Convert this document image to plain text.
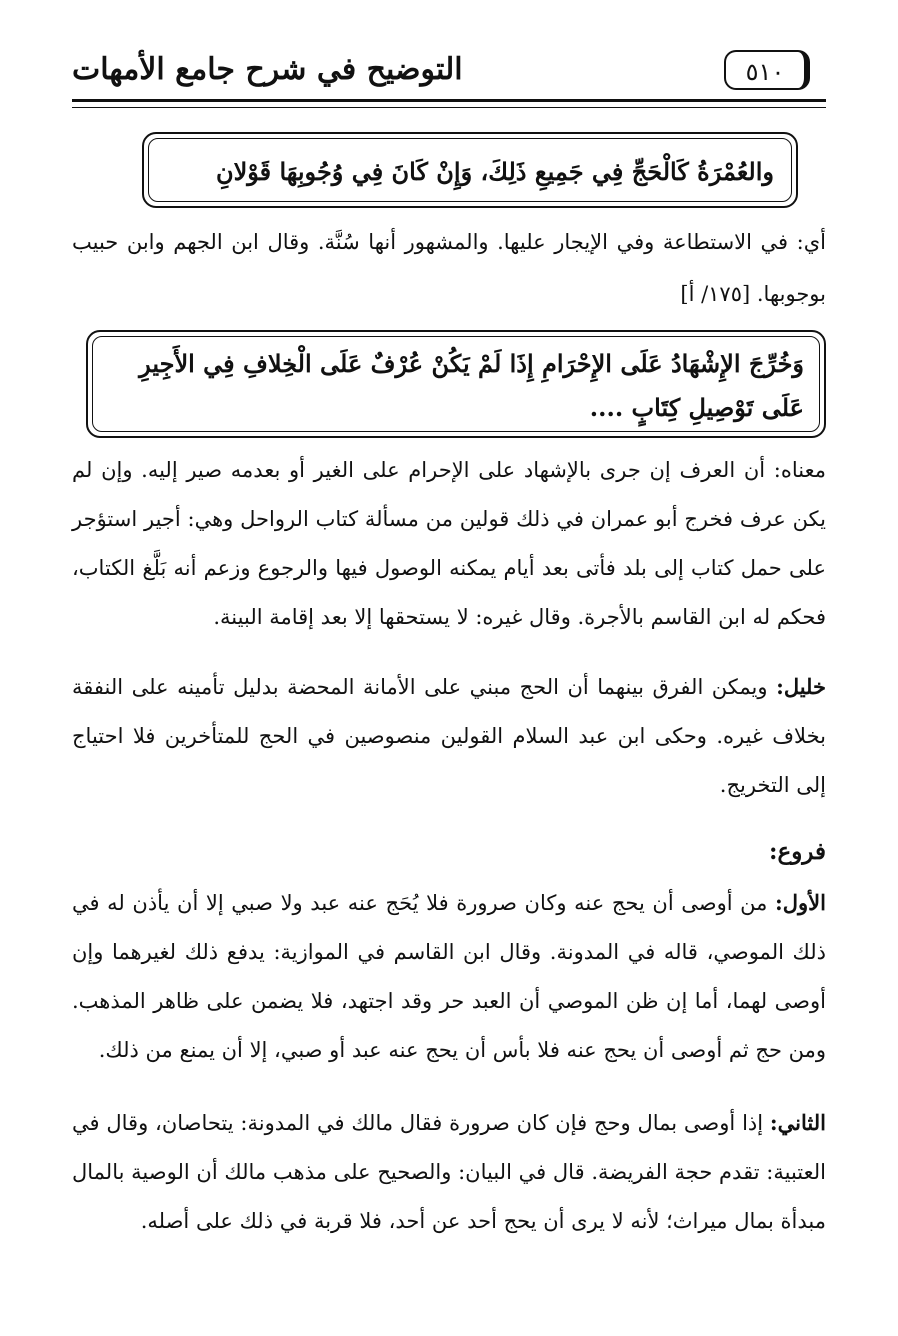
التوضيح في شرح جامع الأمهات	٥١٠
والعُمْرَةُ كَالْحَجِّ فِي جَمِيعِ ذَلِكَ، وَإِنْ كَانَ فِي وُجُوبِهَا قَوْلانِ
أي: في الاستطاعة وفي الإيجار عليها. والمشهور أنها سُنَّة. وقال ابن الجهم وابن حبيب بوجوبها. [١٧٥/ أ]
وَخُرِّجَ الإِشْهَادُ عَلَى الإِحْرَامِ إِذَا لَمْ يَكُنْ عُرْفٌ عَلَى الْخِلافِ فِي الأَجِيرِ عَلَى تَوْصِيلِ كِتَابٍ ....
معناه: أن العرف إن جرى بالإشهاد على الإحرام على الغير أو بعدمه صير إليه. وإن لم يكن عرف فخرج أبو عمران في ذلك قولين من مسألة كتاب الرواحل وهي: أجير استؤجر على حمل كتاب إلى بلد فأتى بعد أيام يمكنه الوصول فيها والرجوع وزعم أنه بَلَّغ الكتاب، فحكم له ابن القاسم بالأجرة. وقال غيره: لا يستحقها إلا بعد إقامة البينة.
خليل: ويمكن الفرق بينهما أن الحج مبني على الأمانة المحضة بدليل تأمينه على النفقة بخلاف غيره. وحكى ابن عبد السلام القولين منصوصين في الحج للمتأخرين فلا احتياج إلى التخريج.
فروع:
الأول: من أوصى أن يحج عنه وكان صرورة فلا يُحَج عنه عبد ولا صبي إلا أن يأذن له في ذلك الموصي، قاله في المدونة. وقال ابن القاسم في الموازية: يدفع ذلك لغيرهما وإن أوصى لهما، أما إن ظن الموصي أن العبد حر وقد اجتهد، فلا يضمن على ظاهر المذهب. ومن حج ثم أوصى أن يحج عنه فلا بأس أن يحج عنه عبد أو صبي، إلا أن يمنع من ذلك.
الثاني: إذا أوصى بمال وحج فإن كان صرورة فقال مالك في المدونة: يتحاصان، وقال في العتبية: تقدم حجة الفريضة. قال في البيان: والصحيح على مذهب مالك أن الوصية بالمال مبدأة بمال ميراث؛ لأنه لا يرى أن يحج أحد عن أحد، فلا قربة في ذلك على أصله.
